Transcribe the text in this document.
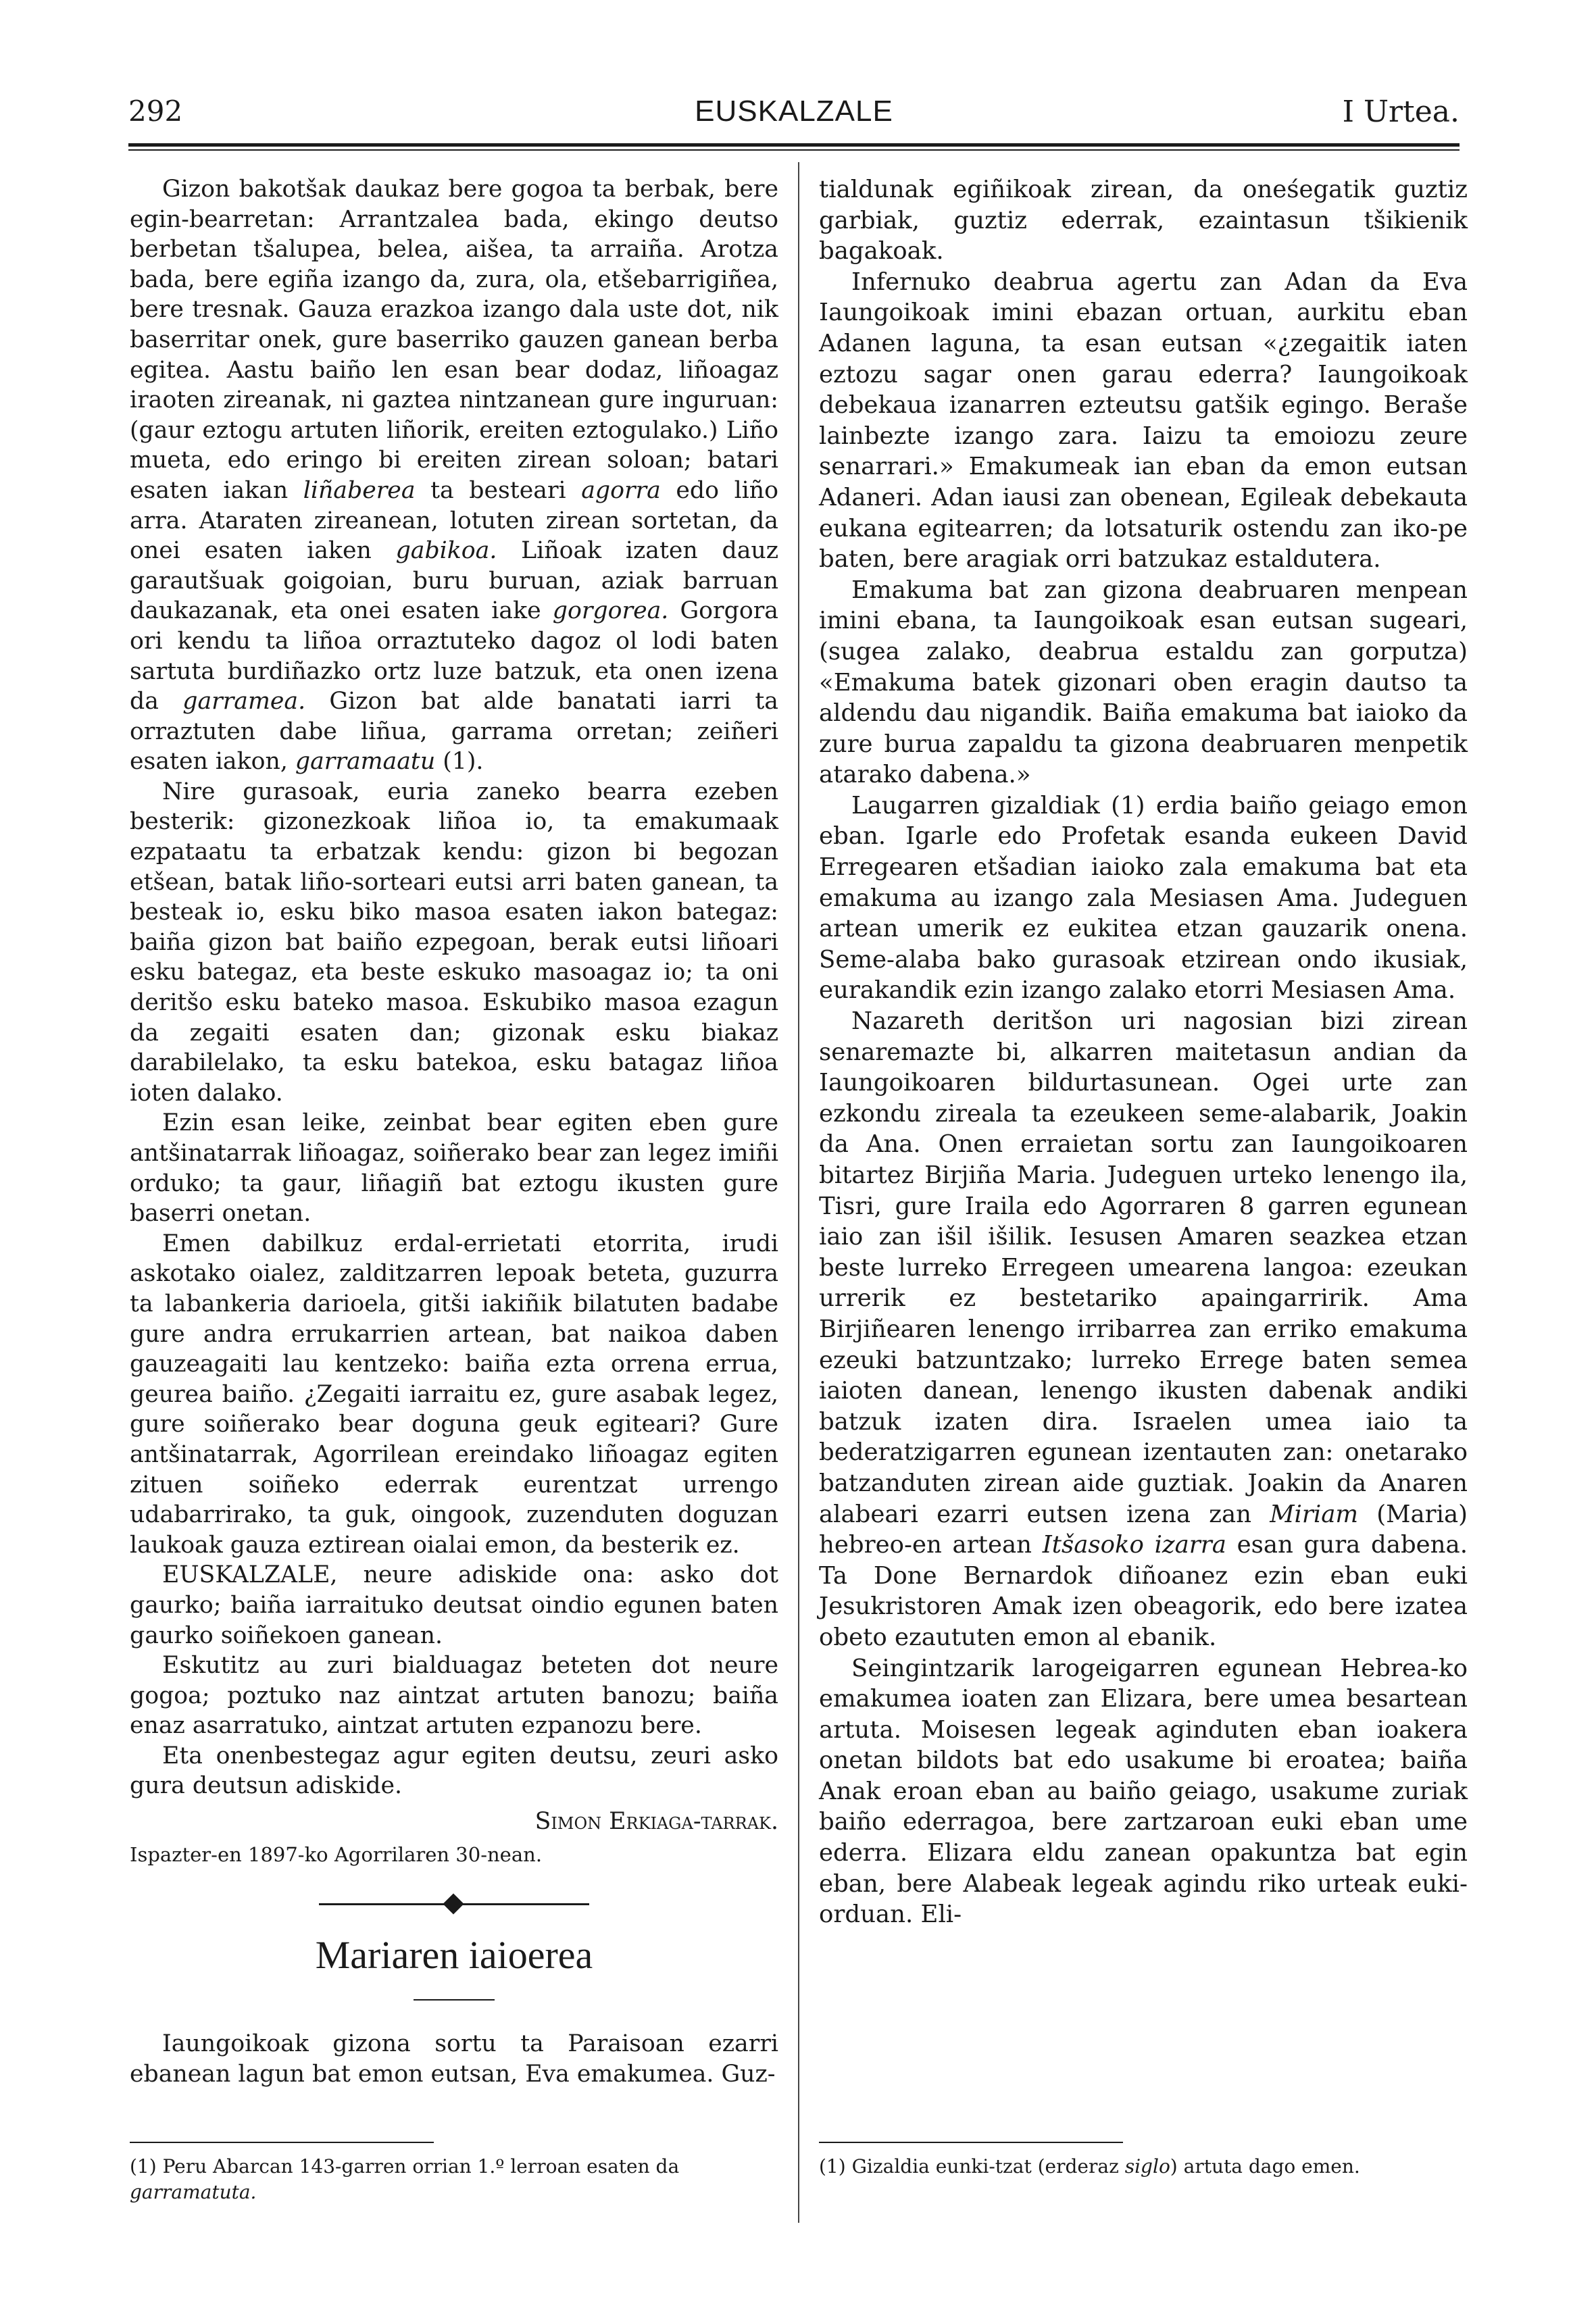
292	EUSKALZALE	I Urtea.

Gizon bakotšak daukaz bere gogoa ta berbak, bere egin-bearretan: Arrantzalea bada, ekingo deutso berbetan tšalupea, belea, aišea, ta arraiña. Arotza bada, bere egiña izango da, zura, ola, etšebarrigiñea, bere tresnak. Gauza erazkoa izango dala uste dot, nik baserritar onek, gure baserriko gauzen ganean berba egitea. Aastu baiño len esan bear dodaz, liñoagaz iraoten zireanak, ni gaztea nintzanean gure inguruan: (gaur eztogu artuten liñorik, ereiten eztogulako.) Liño mueta, edo eringo bi ereiten zirean soloan; batari esaten iakan liñaberea ta besteari agorra edo liño arra. Ataraten zireanean, lotuten zirean sortetan, da onei esaten iaken gabikoa. Liñoak izaten dauz garautšuak goigoian, buru buruan, aziak barruan daukazanak, eta onei esaten iake gorgorea. Gorgora ori kendu ta liñoa orraztuteko dagoz ol lodi baten sartuta burdiñazko ortz luze batzuk, eta onen izena da garramea. Gizon bat alde banatati iarri ta orraztuten dabe liñua, garrama orretan; zeiñeri esaten iakon, garramaatu (1).

Nire gurasoak, euria zaneko bearra ezeben besterik: gizonezkoak liñoa io, ta emakumaak ezpataatu ta erbatzak kendu: gizon bi begozan etšean, batak liño-sorteari eutsi arri baten ganean, ta besteak io, esku biko masoa esaten iakon bategaz: baiña gizon bat baiño ezpegoan, berak eutsi liñoari esku bategaz, eta beste eskuko masoagaz io; ta oni deritšo esku bateko masoa. Eskubiko masoa ezagun da zegaiti esaten dan; gizonak esku biakaz darabilelako, ta esku batekoa, esku batagaz liñoa ioten dalako.

Ezin esan leike, zeinbat bear egiten eben gure antšinatarrak liñoagaz, soiñerako bear zan legez imiñi orduko; ta gaur, liñagiñ bat eztogu ikusten gure baserri onetan.

Emen dabilkuz erdal-errietati etorrita, irudi askotako oialez, zalditzarren lepoak beteta, guzurra ta labankeria darioela, gitši iakiñik bilatuten badabe gure andra errukarrien artean, bat naikoa daben gauzeagaiti lau kentzeko: baiña ezta orrena errua, geurea baiño. ¿Zegaiti iarraitu ez, gure asabak legez, gure soiñerako bear doguna geuk egiteari? Gure antšinatarrak, Agorrilean ereindako liñoagaz egiten zituen soiñeko ederrak eurentzat urrengo udabarrirako, ta guk, oingook, zuzenduten doguzan laukoak gauza eztirean oialai emon, da besterik ez.

EUSKALZALE, neure adiskide ona: asko dot gaurko; baiña iarraituko deutsat oindio egunen baten gaurko soiñekoen ganean.

Eskutitz au zuri bialduagaz beteten dot neure gogoa; poztuko naz aintzat artuten banozu; baiña enaz asarratuko, aintzat artuten ezpanozu bere.

Eta onenbestegaz agur egiten deutsu, zeuri asko gura deutsun adiskide.

Simon Erkiaga-tarrak.

Ispazter-en 1897-ko Agorrilaren 30-nean.

Mariaren iaioerea

Iaungoikoak gizona sortu ta Paraisoan ezarri ebanean lagun bat emon eutsan, Eva emakumea. Guz-

(1) Peru Abarcan 143-garren orrian 1.º lerroan esaten da garramatuta.

tialdunak egiñikoak zirean, da oneśegatik guztiz garbiak, guztiz ederrak, ezaintasun tšikienik bagakoak.

Infernuko deabrua agertu zan Adan da Eva Iaungoikoak imini ebazan ortuan, aurkitu eban Adanen laguna, ta esan eutsan «¿zegaitik iaten eztozu sagar onen garau ederra? Iaungoikoak debekaua izanarren ezteutsu gatšik egingo. Beraše lainbezte izango zara. Iaizu ta emoiozu zeure senarrari.» Emakumeak ian eban da emon eutsan Adaneri. Adan iausi zan obenean, Egileak debekauta eukana egitearren; da lotsaturik ostendu zan iko-pe baten, bere aragiak orri batzukaz estaldutera.

Emakuma bat zan gizona deabruaren menpean imini ebana, ta Iaungoikoak esan eutsan sugeari, (sugea zalako, deabrua estaldu zan gorputza) «Emakuma batek gizonari oben eragin dautso ta aldendu dau nigandik. Baiña emakuma bat iaioko da zure burua zapaldu ta gizona deabruaren menpetik atarako dabena.»

Laugarren gizaldiak (1) erdia baiño geiago emon eban. Igarle edo Profetak esanda eukeen David Erregearen etšadian iaioko zala emakuma bat eta emakuma au izango zala Mesiasen Ama. Judeguen artean umerik ez eukitea etzan gauzarik onena. Seme-alaba bako gurasoak etzirean ondo ikusiak, eurakandik ezin izango zalako etorri Mesiasen Ama.

Nazareth deritšon uri nagosian bizi zirean senaremazte bi, alkarren maitetasun andian da Iaungoikoaren bildurtasunean. Ogei urte zan ezkondu zireala ta ezeukeen seme-alabarik, Joakin da Ana. Onen erraietan sortu zan Iaungoikoaren bitartez Birjiña Maria. Judeguen urteko lenengo ila, Tisri, gure Iraila edo Agorraren 8 garren egunean iaio zan išil išilik. Iesusen Amaren seazkea etzan beste lurreko Erregeen umearena langoa: ezeukan urrerik ez bestetariko apaingarririk. Ama Birjiñearen lenengo irribarrea zan erriko emakuma ezeuki batzuntzako; lurreko Errege baten semea iaioten danean, lenengo ikusten dabenak andiki batzuk izaten dira. Israelen umea iaio ta bederatzigarren egunean izentauten zan: onetarako batzanduten zirean aide guztiak. Joakin da Anaren alabeari ezarri eutsen izena zan Miriam (Maria) hebreo-en artean Itšasoko izarra esan gura dabena. Ta Done Bernardok diñoanez ezin eban euki Jesukristoren Amak izen obeagorik, edo bere izatea obeto ezaututen emon al ebanik.

Seingintzarik larogeigarren egunean Hebrea-ko emakumea ioaten zan Elizara, bere umea besartean artuta. Moisesen legeak aginduten eban ioakera onetan bildots bat edo usakume bi eroatea; baiña Anak eroan eban au baiño geiago, usakume zuriak baiño ederragoa, bere zartzaroan euki eban ume ederra. Elizara eldu zanean opakuntza bat egin eban, bere Alabeak legeak agindu riko urteak euki-orduan. Eli-

(1) Gizaldia eunki-tzat (erderaz siglo) artuta dago emen.
